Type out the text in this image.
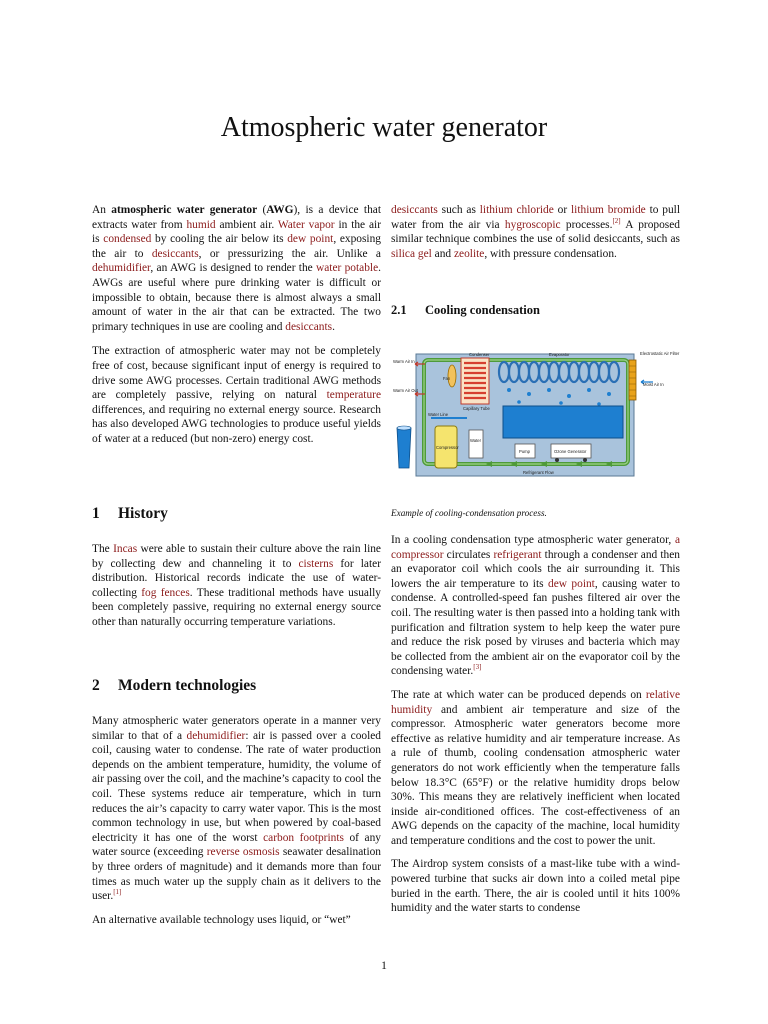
Atmospheric water generator

An atmospheric water generator (AWG), is a device that extracts water from humid ambient air. Water vapor in the air is condensed by cooling the air below its dew point, exposing the air to desiccants, or pressurizing the air. Unlike a dehumidifier, an AWG is designed to render the water potable. AWGs are useful where pure drinking water is difficult or impossible to obtain, because there is almost always a small amount of water in the air that can be extracted. The two primary techniques in use are cooling and desiccants.

The extraction of atmospheric water may not be completely free of cost, because significant input of energy is required to drive some AWG processes. Certain traditional AWG methods are completely passive, relying on natural temperature differences, and requiring no external energy source. Research has also developed AWG technologies to produce useful yields of water at a reduced (but non-zero) energy cost.

1 History

The Incas were able to sustain their culture above the rain line by collecting dew and channeling it to cisterns for later distribution. Historical records indicate the use of water-collecting fog fences. These traditional methods have usually been completely passive, requiring no external energy source other than naturally occurring temperature variations.

2 Modern technologies

Many atmospheric water generators operate in a manner very similar to that of a dehumidifier: air is passed over a cooled coil, causing water to condense. The rate of water production depends on the ambient temperature, humidity, the volume of air passing over the coil, and the machine’s capacity to cool the coil. These systems reduce air temperature, which in turn reduces the air’s capacity to carry water vapor. This is the most common technology in use, but when powered by coal-based electricity it has one of the worst carbon footprints of any water source (exceeding reverse osmosis seawater desalination by three orders of magnitude) and it demands more than four times as much water up the supply chain as it delivers to the user.[1]

An alternative available technology uses liquid, or “wet”

desiccants such as lithium chloride or lithium bromide to pull water from the air via hygroscopic processes.[2] A proposed similar technique combines the use of solid desiccants, such as silica gel and zeolite, with pressure condensation.

2.1 Cooling condensation
Condenser	Evaporator	Electrostatic Air Filter
Warm Air In
Warm Air Out
Fan
Moist Air In
Capillary Tube
Water Line
Water
Compressor
Pump	Ozone Generator
Refrigerant Flow
Example of cooling-condensation process.

In a cooling condensation type atmospheric water generator, a compressor circulates refrigerant through a condenser and then an evaporator coil which cools the air surrounding it. This lowers the air temperature to its dew point, causing water to condense. A controlled-speed fan pushes filtered air over the coil. The resulting water is then passed into a holding tank with purification and filtration system to help keep the water pure and reduce the risk posed by viruses and bacteria which may be collected from the ambient air on the evaporator coil by the condensing water.[3]

The rate at which water can be produced depends on relative humidity and ambient air temperature and size of the compressor. Atmospheric water generators become more effective as relative humidity and air temperature increase. As a rule of thumb, cooling condensation atmospheric water generators do not work efficiently when the temperature falls below 18.3°C (65°F) or the relative humidity drops below 30%. This means they are relatively inefficient when located inside air-conditioned offices. The cost-effectiveness of an AWG depends on the capacity of the machine, local humidity and temperature conditions and the cost to power the unit.

The Airdrop system consists of a mast-like tube with a wind-powered turbine that sucks air down into a coiled metal pipe buried in the earth. There, the air is cooled until it hits 100% humidity and the water starts to condense

1
